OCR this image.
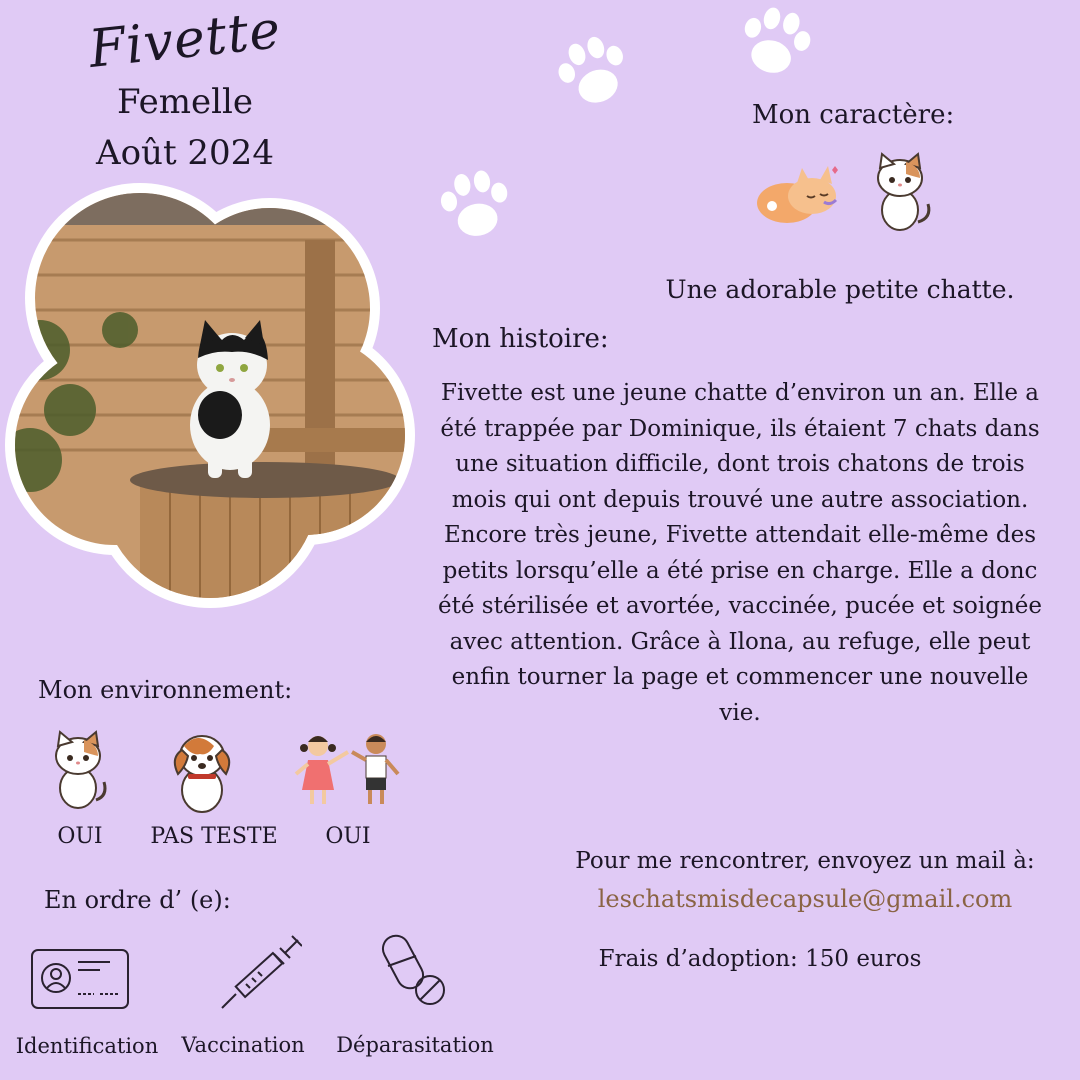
Fivette
Femelle
Août 2024
Mon caractère:
Une adorable petite chatte.
Mon histoire:
Fivette est une jeune chatte d’environ un an. Elle a été trappée par Dominique, ils étaient 7 chats dans une situation difficile, dont trois chatons de trois mois qui ont depuis trouvé une autre association. Encore très jeune, Fivette attendait elle-même des petits lorsqu’elle a été prise en charge. Elle a donc été stérilisée et avortée, vaccinée, pucée et soignée avec attention. Grâce à Ilona, au refuge, elle peut enfin tourner la page et commencer une nouvelle vie.
Mon environnement:
OUI	PAS TESTE	OUI
En ordre d’ (e):
Identification Vaccination Déparasitation
Pour me rencontrer, envoyez un mail à:
leschatsmisdecapsule@gmail.com
Frais d’adoption: 150 euros
